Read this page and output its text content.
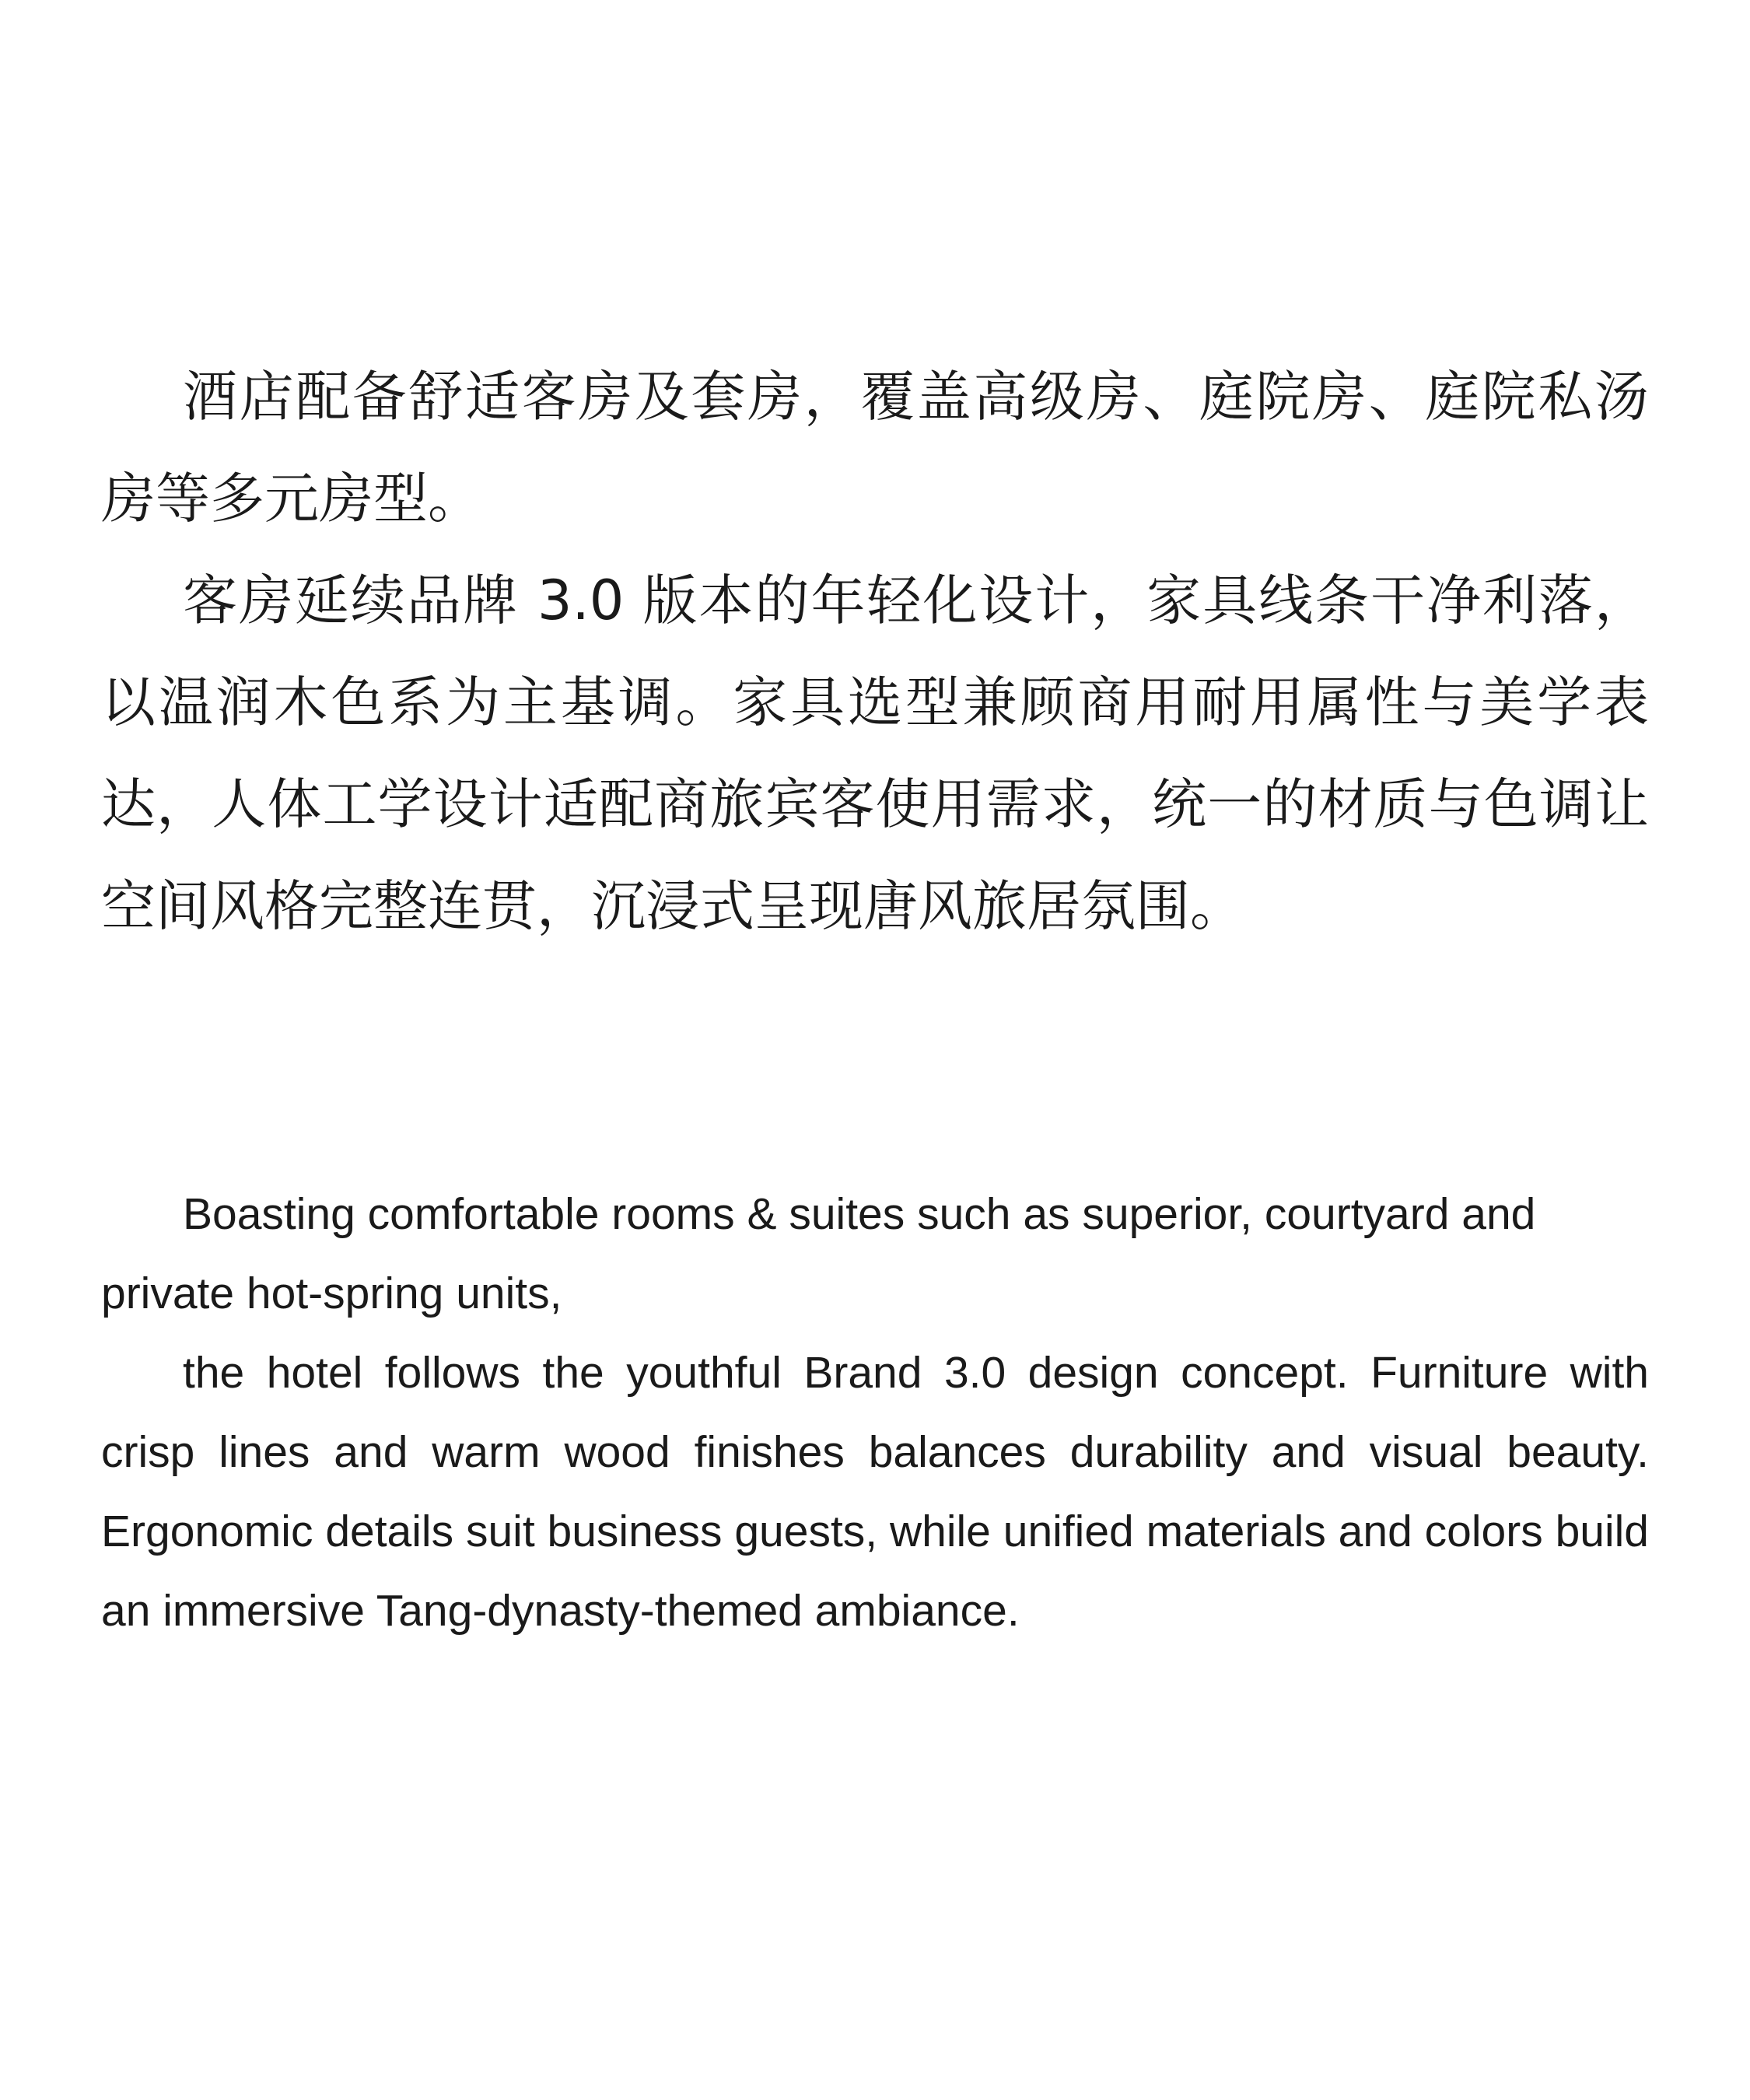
酒店配备舒适客房及套房，覆盖高级房、庭院房、庭院私汤房等多元房型。

客房延续品牌 3.0 版本的年轻化设计，家具线条干净利落，以温润木色系为主基调。家具选型兼顾商用耐用属性与美学表达，人体工学设计适配商旅宾客使用需求，统一的材质与色调让空间风格完整连贯，沉浸式呈现唐风旅居氛围。

Boasting comfortable rooms & suites such as superior, courtyard and private hot-spring units,

the hotel follows the youthful Brand 3.0 design concept. Furniture with crisp lines and warm wood finishes balances durability and visual beauty. Ergonomic details suit business guests, while unified materials and colors build an immersive Tang-dynasty-themed ambiance.
